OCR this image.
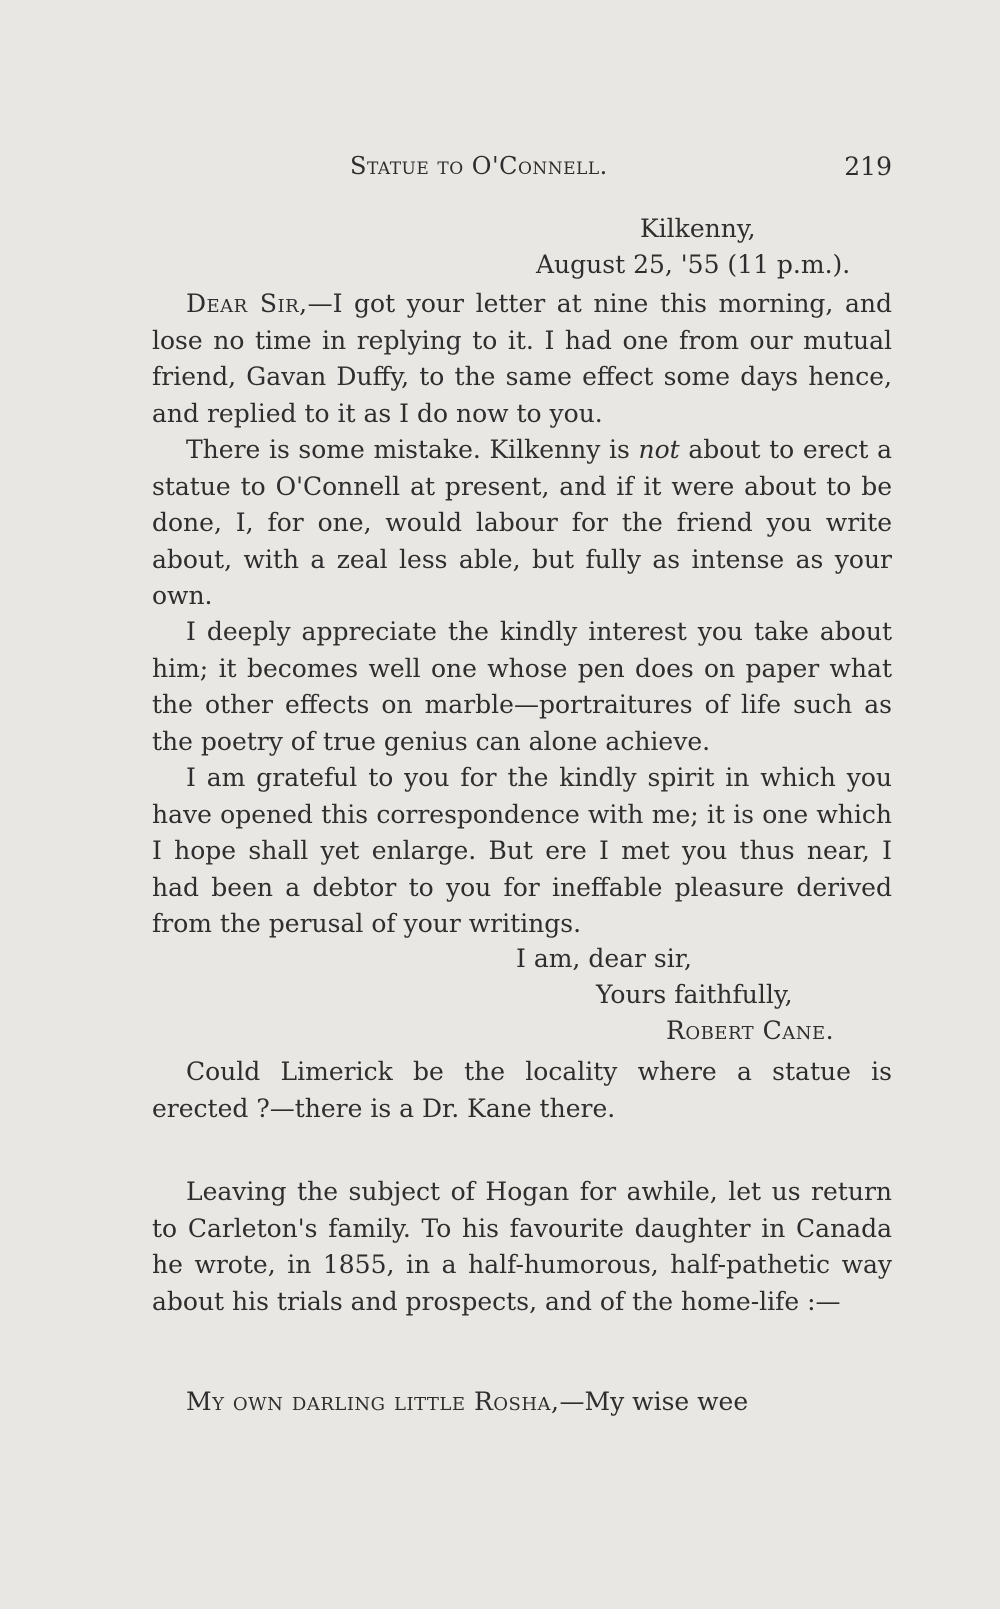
Statue to O'Connell.	219
Kilkenny,
August 25, '55 (11 p.m.).
Dear Sir,—I got your letter at nine this morning, and lose no time in replying to it. I had one from our mutual friend, Gavan Duffy, to the same effect some days hence, and replied to it as I do now to you.
There is some mistake. Kilkenny is not about to erect a statue to O'Connell at present, and if it were about to be done, I, for one, would labour for the friend you write about, with a zeal less able, but fully as intense as your own.
I deeply appreciate the kindly interest you take about him; it becomes well one whose pen does on paper what the other effects on marble—portraitures of life such as the poetry of true genius can alone achieve.
I am grateful to you for the kindly spirit in which you have opened this correspondence with me; it is one which I hope shall yet enlarge. But ere I met you thus near, I had been a debtor to you for ineffable pleasure derived from the perusal of your writings.
I am, dear sir,
Yours faithfully,
Robert Cane.
Could Limerick be the locality where a statue is erected ?—there is a Dr. Kane there.
Leaving the subject of Hogan for awhile, let us return to Carleton's family. To his favourite daughter in Canada he wrote, in 1855, in a half-humorous, half-pathetic way about his trials and prospects, and of the home-life :—
My own darling little Rosha,—My wise wee
